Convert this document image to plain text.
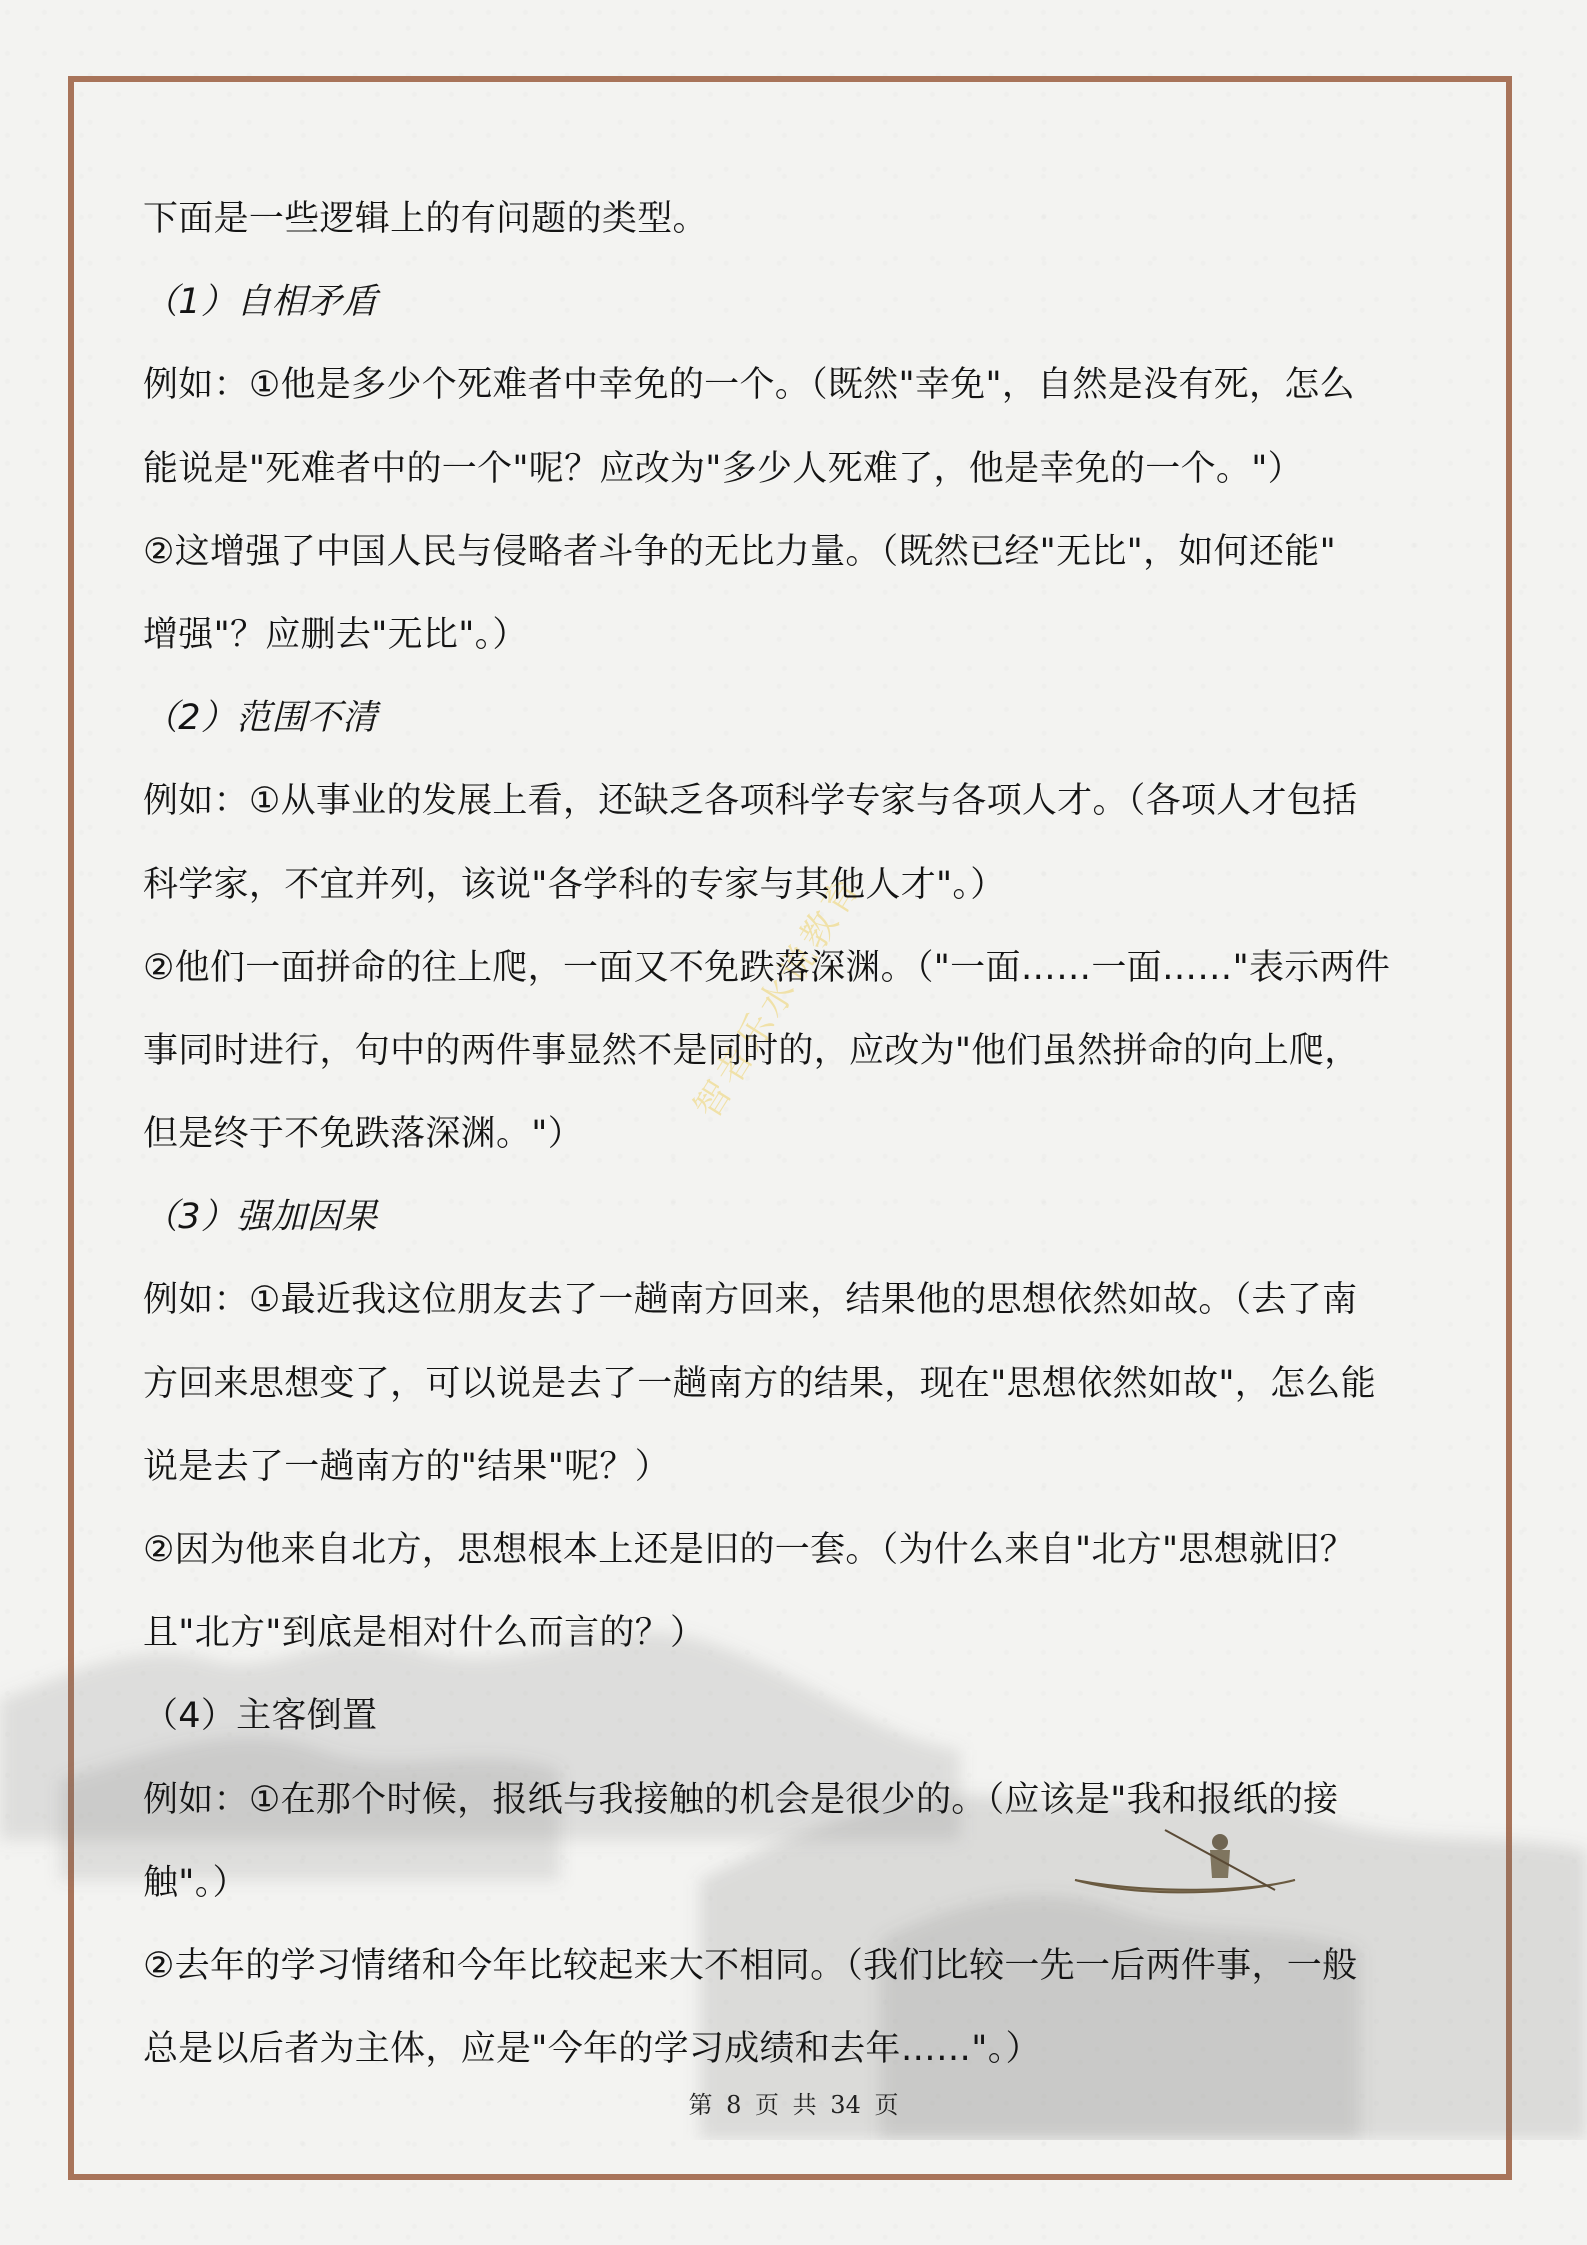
智者乐水说教育
下面是一些逻辑上的有问题的类型。
（1）自相矛盾
例如：①他是多少个死难者中幸免的一个。（既然"幸免"，自然是没有死，怎么
能说是"死难者中的一个"呢？应改为"多少人死难了，他是幸免的一个。"）
②这增强了中国人民与侵略者斗争的无比力量。（既然已经"无比"，如何还能"
增强"？应删去"无比"。）
（2）范围不清
例如：①从事业的发展上看，还缺乏各项科学专家与各项人才。（各项人才包括
科学家，不宜并列，该说"各学科的专家与其他人才"。）
②他们一面拼命的往上爬，一面又不免跌落深渊。（"一面……一面……"表示两件
事同时进行，句中的两件事显然不是同时的，应改为"他们虽然拼命的向上爬，
但是终于不免跌落深渊。"）
（3）强加因果
例如：①最近我这位朋友去了一趟南方回来，结果他的思想依然如故。（去了南
方回来思想变了，可以说是去了一趟南方的结果，现在"思想依然如故"，怎么能
说是去了一趟南方的"结果"呢？）
②因为他来自北方，思想根本上还是旧的一套。（为什么来自"北方"思想就旧？
且"北方"到底是相对什么而言的？）
（4）主客倒置
例如：①在那个时候，报纸与我接触的机会是很少的。（应该是"我和报纸的接
触"。）
②去年的学习情绪和今年比较起来大不相同。（我们比较一先一后两件事，一般
总是以后者为主体，应是"今年的学习成绩和去年……"。）
第 8 页 共 34 页
